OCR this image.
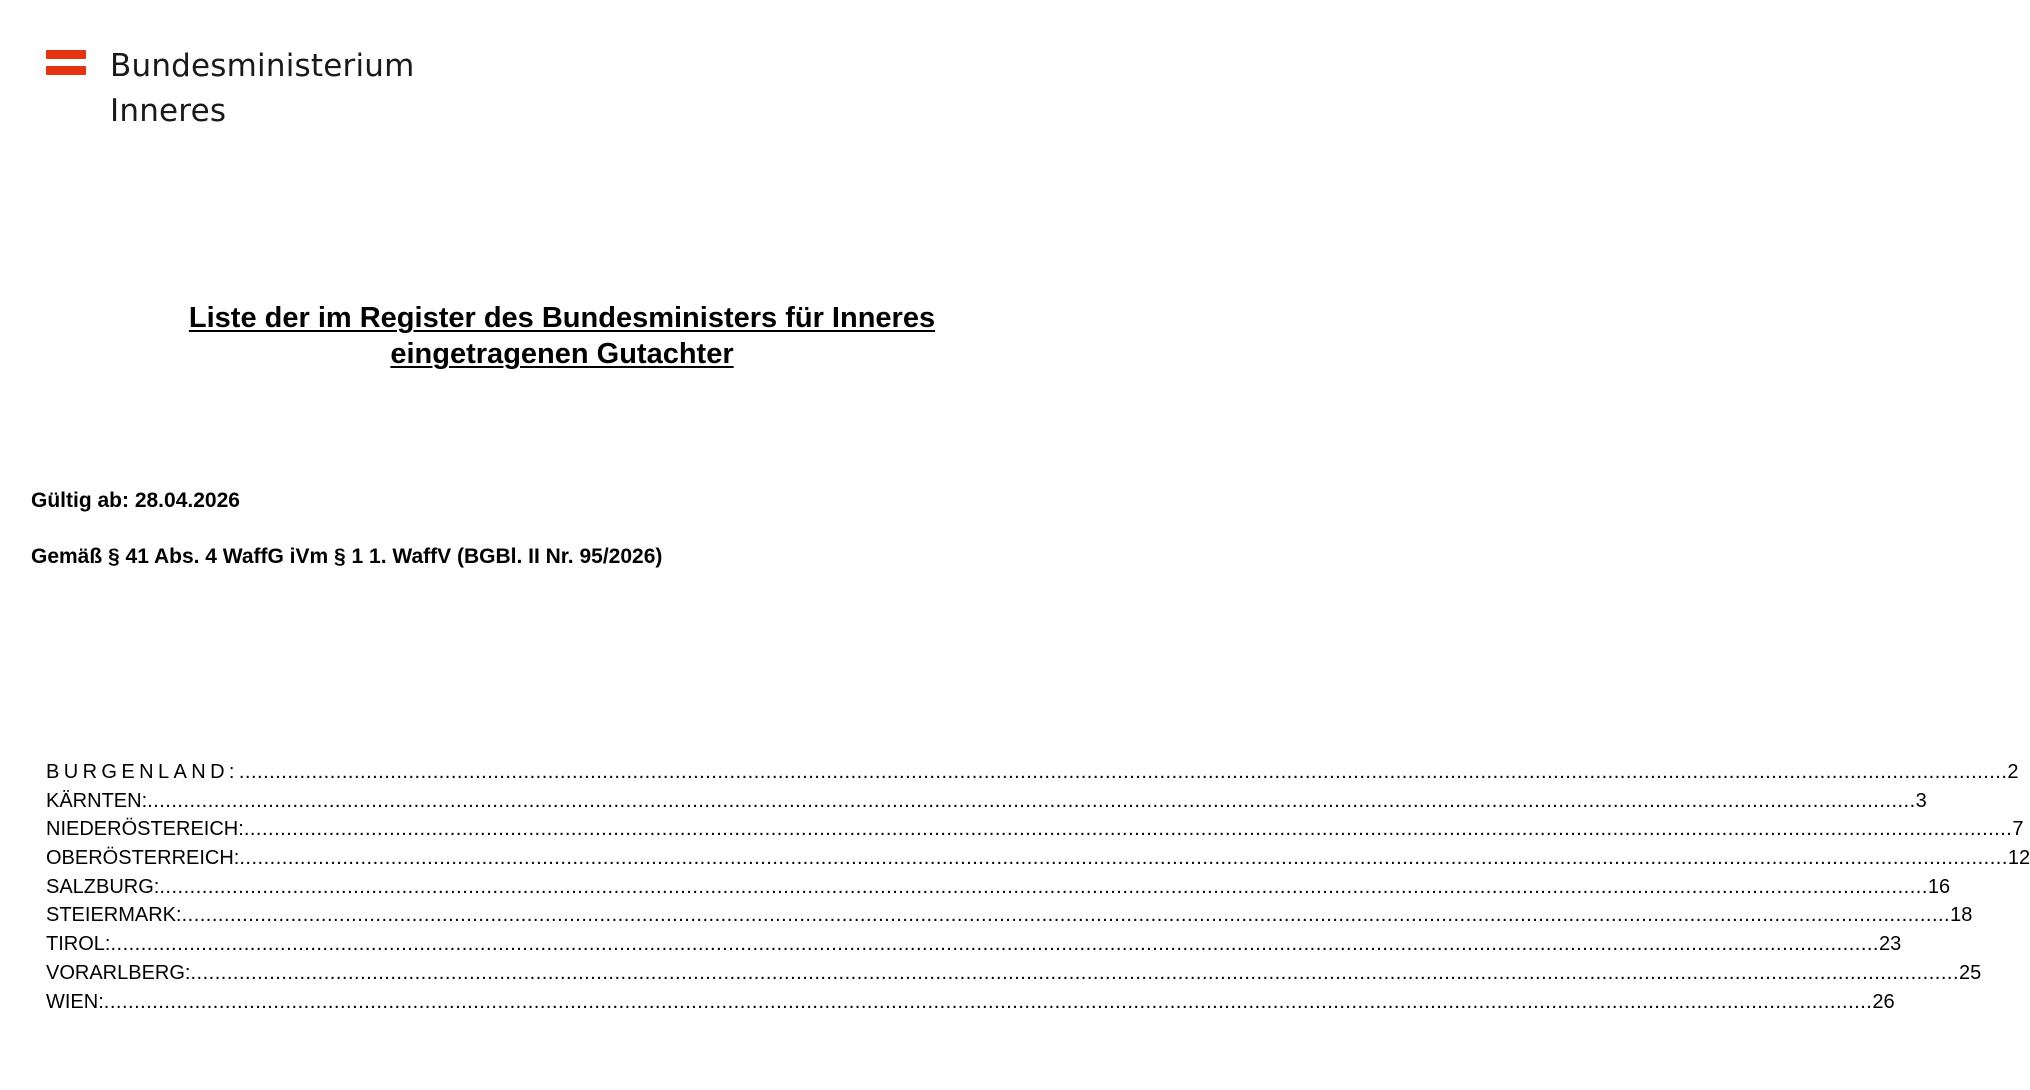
Bundesministerium
Inneres
Liste der im Register des Bundesministers für Inneres
eingetragenen Gutachter
Gültig ab: 28.04.2026
Gemäß § 41 Abs. 4 WaffG iVm § 1 1. WaffV (BGBl. II Nr. 95/2026)
BURGENLAND: .....	2
KÄRNTEN: .....	3
NIEDERÖSTEREICH: .....	7
OBERÖSTERREICH: .....	12
SALZBURG: .....	16
STEIERMARK: .....	18
TIROL: .....	23
VORARLBERG: .....	25
WIEN: .....	26
